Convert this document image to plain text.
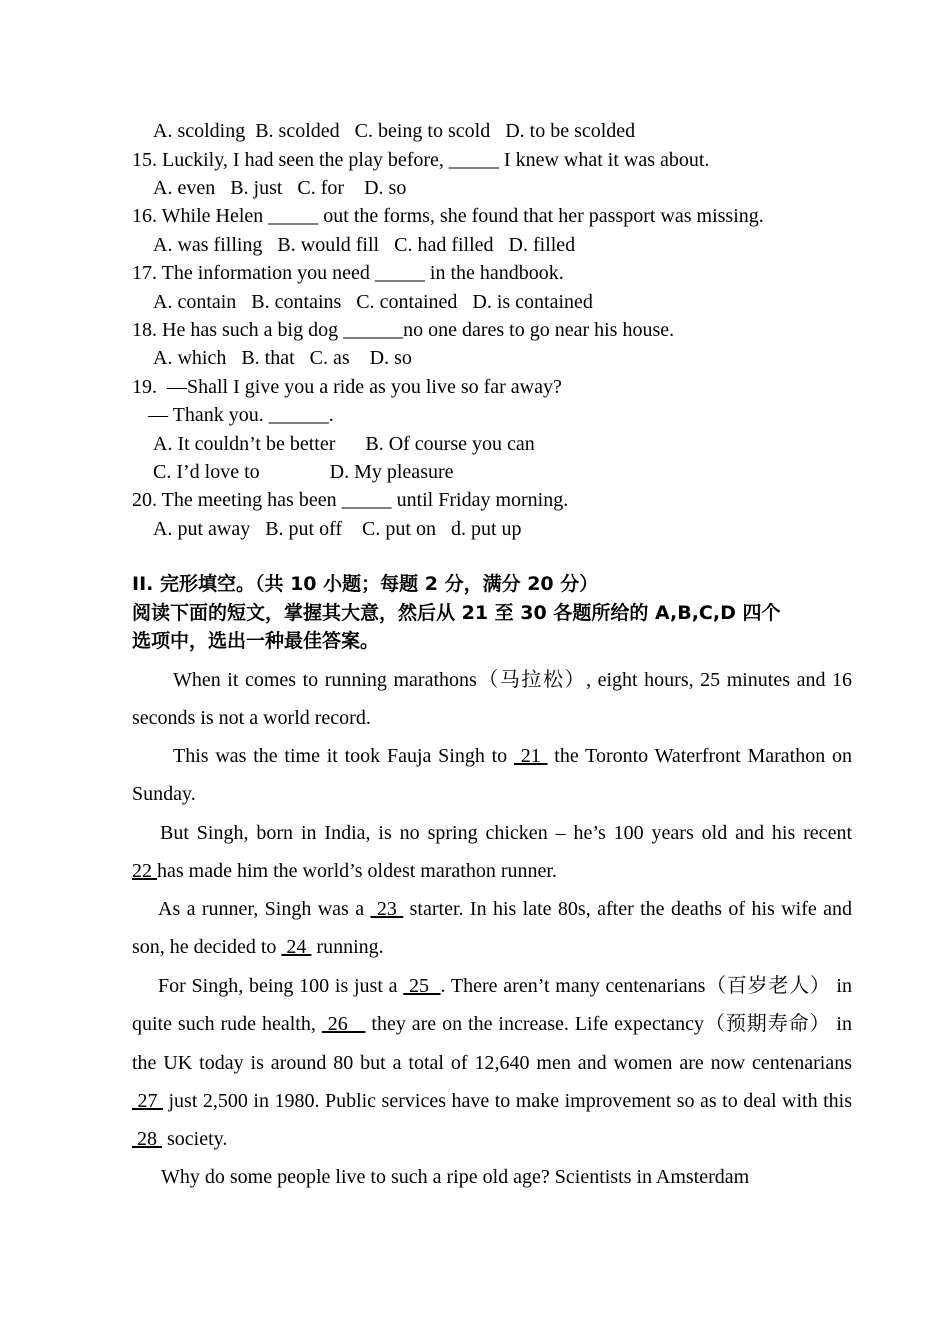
A. scolding  B. scolded   C. being to scold   D. to be scolded
15. Luckily, I had seen the play before, _____ I knew what it was about.
A. even   B. just   C. for    D. so
16. While Helen _____ out the forms, she found that her passport was missing.
A. was filling   B. would fill   C. had filled   D. filled
17. The information you need _____ in the handbook.
A. contain   B. contains   C. contained   D. is contained
18. He has such a big dog ______no one dares to go near his house.
A. which   B. that   C. as    D. so
19.  —Shall I give you a ride as you live so far away?
— Thank you. ______.
A. It couldn’t be better      B. Of course you can
C. I’d love to              D. My pleasure
20. The meeting has been _____ until Friday morning.
A. put away   B. put off    C. put on   d. put up
II. 完形填空。（共 10 小题；每题 2 分，满分 20 分）
阅读下面的短文，掌握其大意，然后从 21 至 30 各题所给的 A,B,C,D 四个
选项中，选出一种最佳答案。
When it comes to running marathons（马拉松）, eight hours, 25 minutes and 16 seconds is not a world record.
This was the time it took Fauja Singh to  21  the Toronto Waterfront Marathon on Sunday.
But Singh, born in India, is no spring chicken – he’s 100 years old and his recent 22 has made him the world’s oldest marathon runner.
As a runner, Singh was a  23  starter. In his late 80s, after the deaths of his wife and son, he decided to  24  running.
For Singh, being 100 is just a  25  . There aren’t many centenarians（百岁老人） in quite such rude health,  26    they are on the increase. Life expectancy（预期寿命） in the UK today is around 80 but a total of 12,640 men and women are now centenarians  27  just 2,500 in 1980. Public services have to make improvement so as to deal with this  28  society.
Why do some people live to such a ripe old age? Scientists in Amsterdam
